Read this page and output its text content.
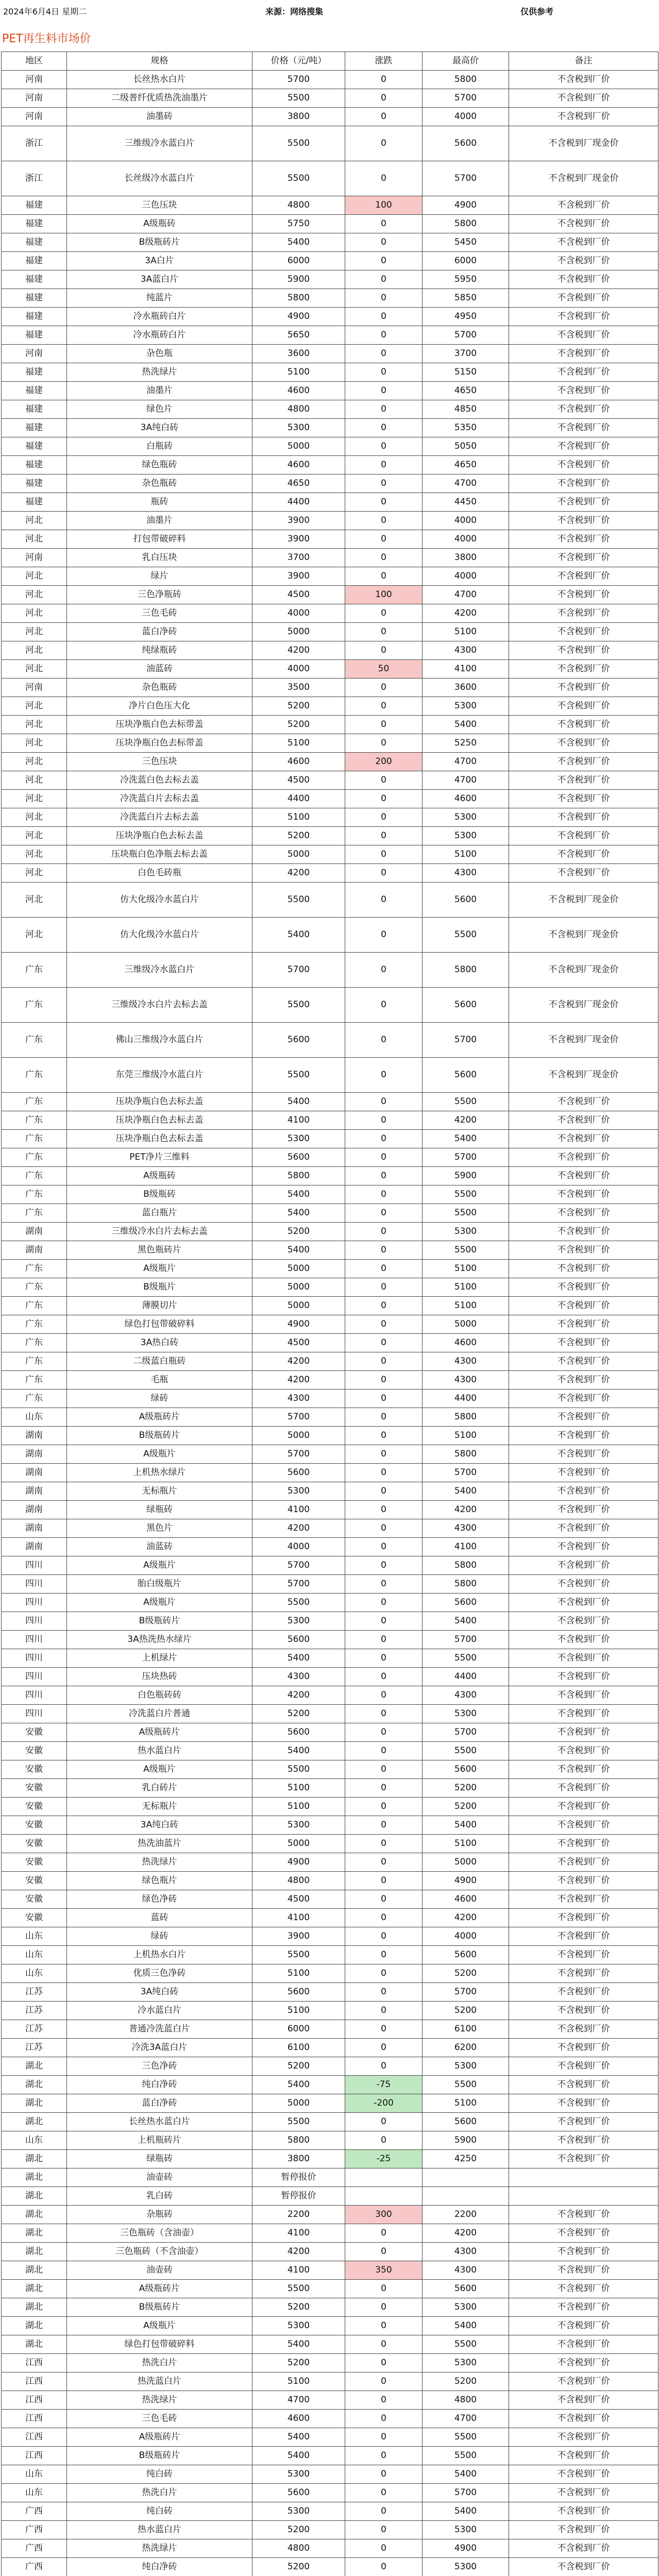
2024年6月4日 星期二	来源：网络搜集	仅供参考
PET再生料市场价
地区	规格	价格（元/吨）	涨跌	最高价	备注
河南	长丝热水白片	5700	0	5800	不含税到厂价
河南	二级普纤优质热洗油墨片	5500	0	5700	不含税到厂价
河南	油墨砖	3800	0	4000	不含税到厂价
浙江	三维级冷水蓝白片	5500	0	5600	不含税到厂现金价
浙江	长丝级冷水蓝白片	5500	0	5700	不含税到厂现金价
福建	三色压块	4800	100	4900	不含税到厂价
福建	A级瓶砖	5750	0	5800	不含税到厂价
福建	B级瓶砖片	5400	0	5450	不含税到厂价
福建	3A白片	6000	0	6000	不含税到厂价
福建	3A蓝白片	5900	0	5950	不含税到厂价
福建	纯蓝片	5800	0	5850	不含税到厂价
福建	冷水瓶砖白片	4900	0	4950	不含税到厂价
福建	冷水瓶砖白片	5650	0	5700	不含税到厂价
河南	杂色瓶	3600	0	3700	不含税到厂价
福建	热洗绿片	5100	0	5150	不含税到厂价
福建	油墨片	4600	0	4650	不含税到厂价
福建	绿色片	4800	0	4850	不含税到厂价
福建	3A纯白砖	5300	0	5350	不含税到厂价
福建	白瓶砖	5000	0	5050	不含税到厂价
福建	绿色瓶砖	4600	0	4650	不含税到厂价
福建	杂色瓶砖	4650	0	4700	不含税到厂价
福建	瓶砖	4400	0	4450	不含税到厂价
河北	油墨片	3900	0	4000	不含税到厂价
河北	打包带破碎料	3900	0	4000	不含税到厂价
河南	乳白压块	3700	0	3800	不含税到厂价
河北	绿片	3900	0	4000	不含税到厂价
河北	三色净瓶砖	4500	100	4700	不含税到厂价
河北	三色毛砖	4000	0	4200	不含税到厂价
河北	蓝白净砖	5000	0	5100	不含税到厂价
河北	纯绿瓶砖	4200	0	4300	不含税到厂价
河北	油蓝砖	4000	50	4100	不含税到厂价
河南	杂色瓶砖	3500	0	3600	不含税到厂价
河北	净片白色压大化	5200	0	5300	不含税到厂价
河北	压块净瓶白色去标带盖	5200	0	5400	不含税到厂价
河北	压块净瓶白色去标带盖	5100	0	5250	不含税到厂价
河北	三色压块	4600	200	4700	不含税到厂价
河北	冷洗蓝白色去标去盖	4500	0	4700	不含税到厂价
河北	冷洗蓝白片去标去盖	4400	0	4600	不含税到厂价
河北	冷洗蓝白片去标去盖	5100	0	5300	不含税到厂价
河北	压块净瓶白色去标去盖	5200	0	5300	不含税到厂价
河北	压块瓶白色净瓶去标去盖	5000	0	5100	不含税到厂价
河北	白色毛砖瓶	4200	0	4300	不含税到厂价
河北	仿大化级冷水蓝白片	5500	0	5600	不含税到厂现金价
河北	仿大化级冷水蓝白片	5400	0	5500	不含税到厂现金价
广东	三维级冷水蓝白片	5700	0	5800	不含税到厂现金价
广东	三维级冷水白片去标去盖	5500	0	5600	不含税到厂现金价
广东	佛山三维级冷水蓝白片	5600	0	5700	不含税到厂现金价
广东	东莞三维级冷水蓝白片	5500	0	5600	不含税到厂现金价
广东	压块净瓶白色去标去盖	5400	0	5500	不含税到厂价
广东	压块净瓶白色去标去盖	4100	0	4200	不含税到厂价
广东	压块净瓶白色去标去盖	5300	0	5400	不含税到厂价
广东	PET净片三维料	5600	0	5700	不含税到厂价
广东	A级瓶砖	5800	0	5900	不含税到厂价
广东	B级瓶砖	5400	0	5500	不含税到厂价
广东	蓝白瓶片	5400	0	5500	不含税到厂价
湖南	三维级冷水白片去标去盖	5200	0	5300	不含税到厂价
湖南	黑色瓶砖片	5400	0	5500	不含税到厂价
广东	A级瓶片	5000	0	5100	不含税到厂价
广东	B级瓶片	5000	0	5100	不含税到厂价
广东	薄膜切片	5000	0	5100	不含税到厂价
广东	绿色打包带破碎料	4900	0	5000	不含税到厂价
广东	3A热白砖	4500	0	4600	不含税到厂价
广东	二级蓝白瓶砖	4200	0	4300	不含税到厂价
广东	毛瓶	4200	0	4300	不含税到厂价
广东	绿砖	4300	0	4400	不含税到厂价
山东	A级瓶砖片	5700	0	5800	不含税到厂价
湖南	B级瓶砖片	5000	0	5100	不含税到厂价
湖南	A级瓶片	5700	0	5800	不含税到厂价
湖南	上机热水绿片	5600	0	5700	不含税到厂价
湖南	无标瓶片	5300	0	5400	不含税到厂价
湖南	绿瓶砖	4100	0	4200	不含税到厂价
湖南	黑色片	4200	0	4300	不含税到厂价
湖南	油蓝砖	4000	0	4100	不含税到厂价
四川	A级瓶片	5700	0	5800	不含税到厂价
四川	胎白级瓶片	5700	0	5800	不含税到厂价
四川	A级瓶片	5500	0	5600	不含税到厂价
四川	B级瓶砖片	5300	0	5400	不含税到厂价
四川	3A热洗热水绿片	5600	0	5700	不含税到厂价
四川	上机绿片	5400	0	5500	不含税到厂价
四川	压块热砖	4300	0	4400	不含税到厂价
四川	白色瓶砖砖	4200	0	4300	不含税到厂价
四川	冷洗蓝白片普通	5200	0	5300	不含税到厂价
安徽	A级瓶砖片	5600	0	5700	不含税到厂价
安徽	热水蓝白片	5400	0	5500	不含税到厂价
安徽	A级瓶片	5500	0	5600	不含税到厂价
安徽	乳白砖片	5100	0	5200	不含税到厂价
安徽	无标瓶片	5100	0	5200	不含税到厂价
安徽	3A纯白砖	5300	0	5400	不含税到厂价
安徽	热洗油蓝片	5000	0	5100	不含税到厂价
安徽	热洗绿片	4900	0	5000	不含税到厂价
安徽	绿色瓶片	4800	0	4900	不含税到厂价
安徽	绿色净砖	4500	0	4600	不含税到厂价
安徽	蓝砖	4100	0	4200	不含税到厂价
山东	绿砖	3900	0	4000	不含税到厂价
山东	上机热水白片	5500	0	5600	不含税到厂价
山东	优质三色净砖	5100	0	5200	不含税到厂价
江苏	3A纯白砖	5600	0	5700	不含税到厂价
江苏	冷水蓝白片	5100	0	5200	不含税到厂价
江苏	普通冷洗蓝白片	6000	0	6100	不含税到厂价
江苏	冷洗3A蓝白片	6100	0	6200	不含税到厂价
湖北	三色净砖	5200	0	5300	不含税到厂价
湖北	纯白净砖	5400	-75	5500	不含税到厂价
湖北	蓝白净砖	5000	-200	5100	不含税到厂价
湖北	长丝热水蓝白片	5500	0	5600	不含税到厂价
山东	上机瓶砖片	5800	0	5900	不含税到厂价
湖北	绿瓶砖	3800	-25	4250	不含税到厂价
湖北	油壶砖	暂停报价			
湖北	乳白砖	暂停报价			
湖北	杂瓶砖	2200	300	2200	不含税到厂价
湖北	三色瓶砖（含油壶）	4100	0	4200	不含税到厂价
湖北	三色瓶砖（不含油壶）	4200	0	4300	不含税到厂价
湖北	油壶砖	4100	350	4300	不含税到厂价
湖北	A级瓶砖片	5500	0	5600	不含税到厂价
湖北	B级瓶砖片	5200	0	5300	不含税到厂价
湖北	A级瓶片	5300	0	5400	不含税到厂价
湖北	绿色打包带破碎料	5400	0	5500	不含税到厂价
江西	热洗白片	5200	0	5300	不含税到厂价
江西	热洗蓝白片	5100	0	5200	不含税到厂价
江西	热洗绿片	4700	0	4800	不含税到厂价
江西	三色毛砖	4600	0	4700	不含税到厂价
江西	A级瓶砖片	5400	0	5500	不含税到厂价
江西	B级瓶砖片	5400	0	5500	不含税到厂价
山东	纯白砖	5300	0	5400	不含税到厂价
山东	热洗白片	5600	0	5700	不含税到厂价
广西	纯白砖	5300	0	5400	不含税到厂价
广西	热水蓝白片	5200	0	5300	不含税到厂价
广西	热洗绿片	4800	0	4900	不含税到厂价
广西	纯白净砖	5200	0	5300	不含税到厂价
